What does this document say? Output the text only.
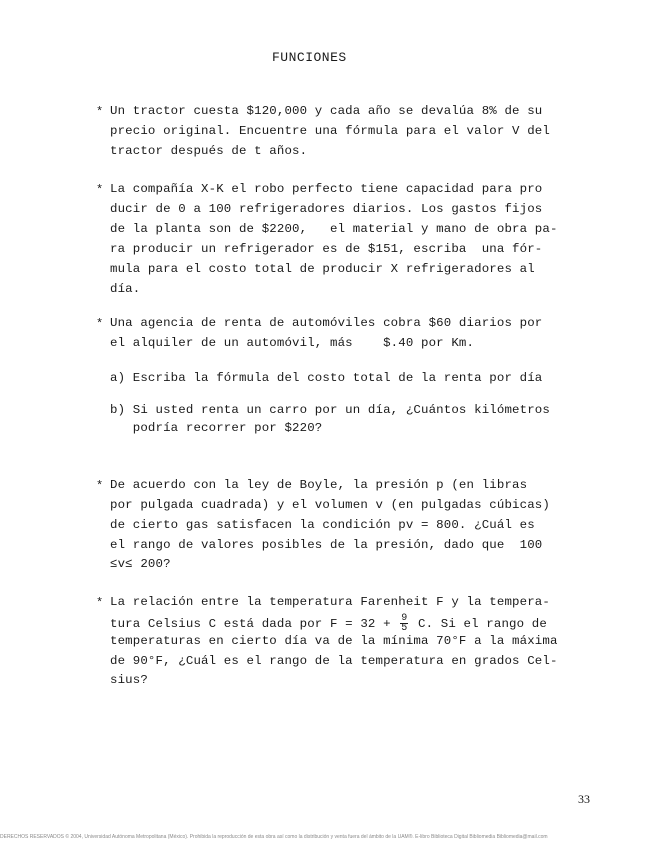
FUNCIONES
* Un tractor cuesta $120,000 y cada año se devalúa 8% de su
precio original. Encuentre una fórmula para el valor V del
tractor después de t años.
* La compañía X-K el robo perfecto tiene capacidad para pro
ducir de 0 a 100 refrigeradores diarios. Los gastos fijos
de la planta son de $2200,   el material y mano de obra pa-
ra producir un refrigerador es de $151, escriba  una fór-
mula para el costo total de producir X refrigeradores al
día.
* Una agencia de renta de automóviles cobra $60 diarios por
el alquiler de un automóvil, más    $.40 por Km.
a) Escriba la fórmula del costo total de la renta por día
b) Si usted renta un carro por un día, ¿Cuántos kilómetros
podría recorrer por $220?
* De acuerdo con la ley de Boyle, la presión p (en libras
por pulgada cuadrada) y el volumen v (en pulgadas cúbicas)
de cierto gas satisfacen la condición pv = 800. ¿Cuál es
el rango de valores posibles de la presión, dado que  100
≤v≤ 200?
* La relación entre la temperatura Farenheit F y la tempera-
tura Celsius C está dada por $F = 32 + \frac{9}{5} C$. Si el rango de
temperaturas en cierto día va de la mínima 70°F a la máxima
de 90°F, ¿Cuál es el rango de la temperatura en grados Cel-
sius?
33
DERECHOS RESERVADOS © 2004, Universidad Autónoma Metropolitana (México). Prohibida la reproducción de esta obra así como la distribución y venta fuera del ámbito de la UAM®. E-libro Biblioteca Digital Bibliomedia Bibliomedia@mail.com
